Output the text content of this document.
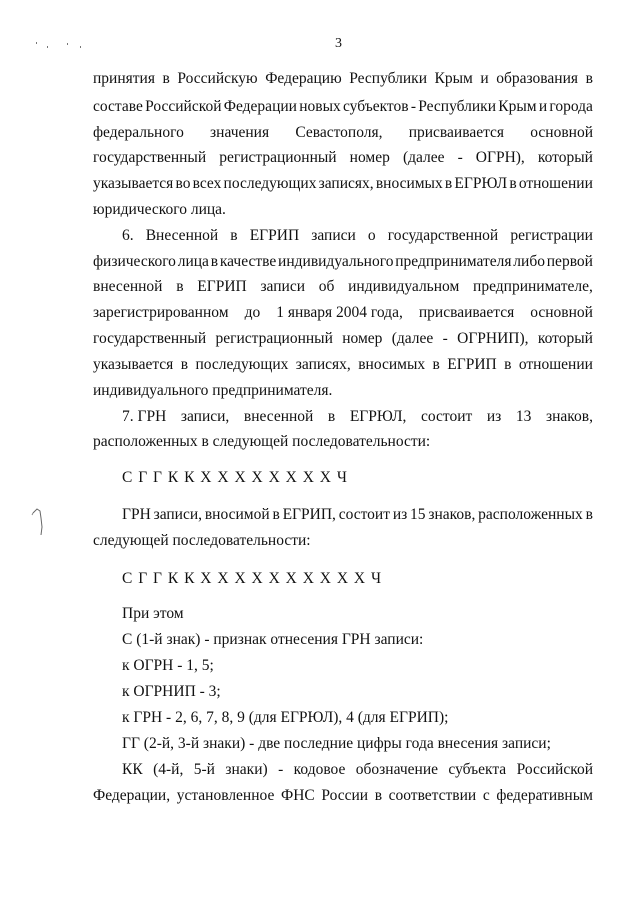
3
принятия в Российскую Федерацию Республики Крым и образования в
составе Российской Федерации новых субъектов - Республики Крым и города
федерального значения Севастополя, присваивается основной
государственный регистрационный номер (далее - ОГРН), который
указывается во всех последующих записях, вносимых в ЕГРЮЛ в отношении
юридического лица.
6. Внесенной в ЕГРИП записи о государственной регистрации
физического лица в качестве индивидуального предпринимателя либо первой
внесенной в ЕГРИП записи об индивидуальном предпринимателе,
зарегистрированном до 1 января 2004 года, присваивается основной
государственный регистрационный номер (далее - ОГРНИП), который
указывается в последующих записях, вносимых в ЕГРИП в отношении
индивидуального предпринимателя.
7. ГРН записи, внесенной в ЕГРЮЛ, состоит из 13 знаков,
расположенных в следующей последовательности:
С Г Г К К Х Х Х Х Х Х Х Х Ч
ГРН записи, вносимой в ЕГРИП, состоит из 15 знаков, расположенных в
следующей последовательности:
С Г Г К К Х Х Х Х Х Х Х Х Х Х Ч
При этом
С (1-й знак) - признак отнесения ГРН записи:
к ОГРН - 1, 5;
к ОГРНИП - 3;
к ГРН - 2, 6, 7, 8, 9 (для ЕГРЮЛ), 4 (для ЕГРИП);
ГГ (2-й, 3-й знаки) - две последние цифры года внесения записи;
КК (4-й, 5-й знаки) - кодовое обозначение субъекта Российской
Федерации, установленное ФНС России в соответствии с федеративным
